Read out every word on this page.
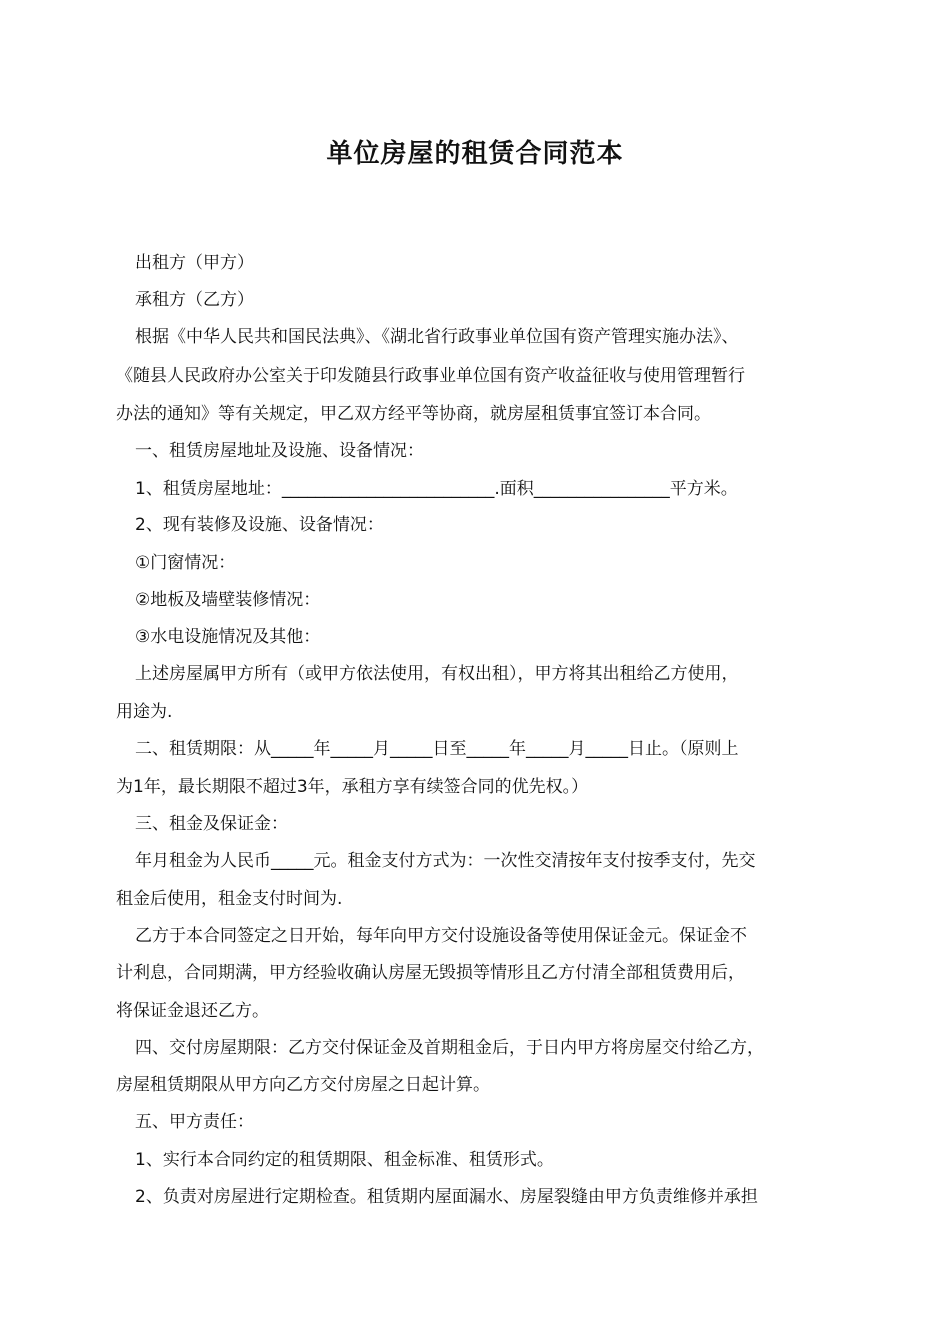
单位房屋的租赁合同范本
出租方（甲方）
承租方（乙方）
根据《中华人民共和国民法典》、《湖北省行政事业单位国有资产管理实施办法》、
《随县人民政府办公室关于印发随县行政事业单位国有资产收益征收与使用管理暂行
办法的通知》等有关规定，甲乙双方经平等协商，就房屋租赁事宜签订本合同。
一、租赁房屋地址及设施、设备情况：
1、租赁房屋地址：_________________________.面积________________平方米。
2、现有装修及设施、设备情况：
①门窗情况：
②地板及墙壁装修情况：
③水电设施情况及其他：
上述房屋属甲方所有（或甲方依法使用，有权出租），甲方将其出租给乙方使用，
用途为.
二、租赁期限：从_____年_____月_____日至_____年_____月_____日止。（原则上
为1年，最长期限不超过3年，承租方享有续签合同的优先权。）
三、租金及保证金：
年月租金为人民币_____元。租金支付方式为：一次性交清按年支付按季支付，先交
租金后使用，租金支付时间为.
乙方于本合同签定之日开始，每年向甲方交付设施设备等使用保证金元。保证金不
计利息，合同期满，甲方经验收确认房屋无毁损等情形且乙方付清全部租赁费用后，
将保证金退还乙方。
四、交付房屋期限：乙方交付保证金及首期租金后，于日内甲方将房屋交付给乙方，
房屋租赁期限从甲方向乙方交付房屋之日起计算。
五、甲方责任：
1、实行本合同约定的租赁期限、租金标准、租赁形式。
2、负责对房屋进行定期检查。租赁期内屋面漏水、房屋裂缝由甲方负责维修并承担
